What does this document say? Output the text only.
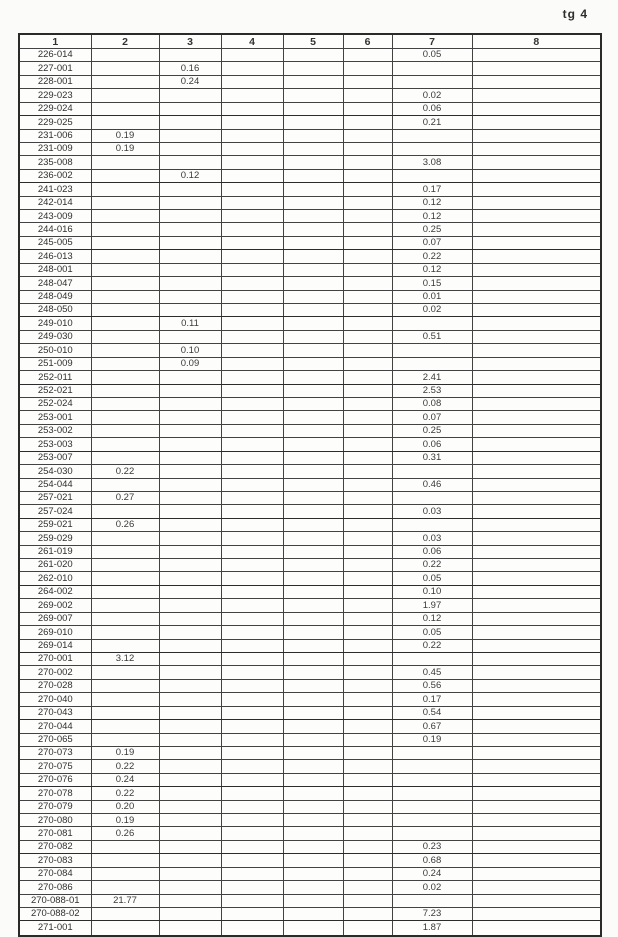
tg 4
1	2	3	4	5	6	7	8
226-014						0.05	
227-001		0.16					
228-001		0.24					
229-023						0.02	
229-024						0.06	
229-025						0.21	
231-006	0.19						
231-009	0.19						
235-008						3.08	
236-002		0.12					
241-023						0.17	
242-014						0.12	
243-009						0.12	
244-016						0.25	
245-005						0.07	
246-013						0.22	
248-001						0.12	
248-047						0.15	
248-049						0.01	
248-050						0.02	
249-010		0.11					
249-030						0.51	
250-010		0.10					
251-009		0.09					
252-011						2.41	
252-021						2.53	
252-024						0.08	
253-001						0.07	
253-002						0.25	
253-003						0.06	
253-007						0.31	
254-030	0.22						
254-044						0.46	
257-021	0.27						
257-024						0.03	
259-021	0.26						
259-029						0.03	
261-019						0.06	
261-020						0.22	
262-010						0.05	
264-002						0.10	
269-002						1.97	
269-007						0.12	
269-010						0.05	
269-014						0.22	
270-001	3.12						
270-002						0.45	
270-028						0.56	
270-040						0.17	
270-043						0.54	
270-044						0.67	
270-065						0.19	
270-073	0.19						
270-075	0.22						
270-076	0.24						
270-078	0.22						
270-079	0.20						
270-080	0.19						
270-081	0.26						
270-082						0.23	
270-083						0.68	
270-084						0.24	
270-086						0.02	
270-088-01	21.77						
270-088-02						7.23	
271-001						1.87	
